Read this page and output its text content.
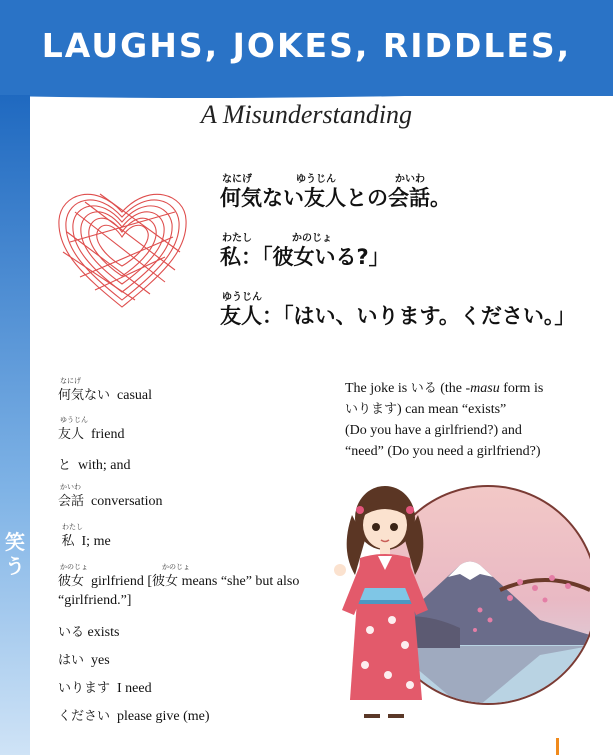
LAUGHS, JOKES, RIDDLES,
笑う
A Misunderstanding
なにげ	ゆうじん	かいわ
何気ない友人との会話。
わたし	かのじょ
私：「彼女いる?」
ゆうじん
友人：「はい、いります。ください。」
なにげ
何気ない casual
ゆうじん
友人 friend
と with; and
かいわ
会話 conversation
わたし
私 I; me
かのじょ	かのじょ
彼女 girlfriend [彼女 means “she” but also
“girlfriend.”]
いる exists
はい yes
いります I need
ください please give (me)
The joke is いる (the -masu form is
いります) can mean “exists”
(Do you have a girlfriend?) and
“need” (Do you need a girlfriend?)
